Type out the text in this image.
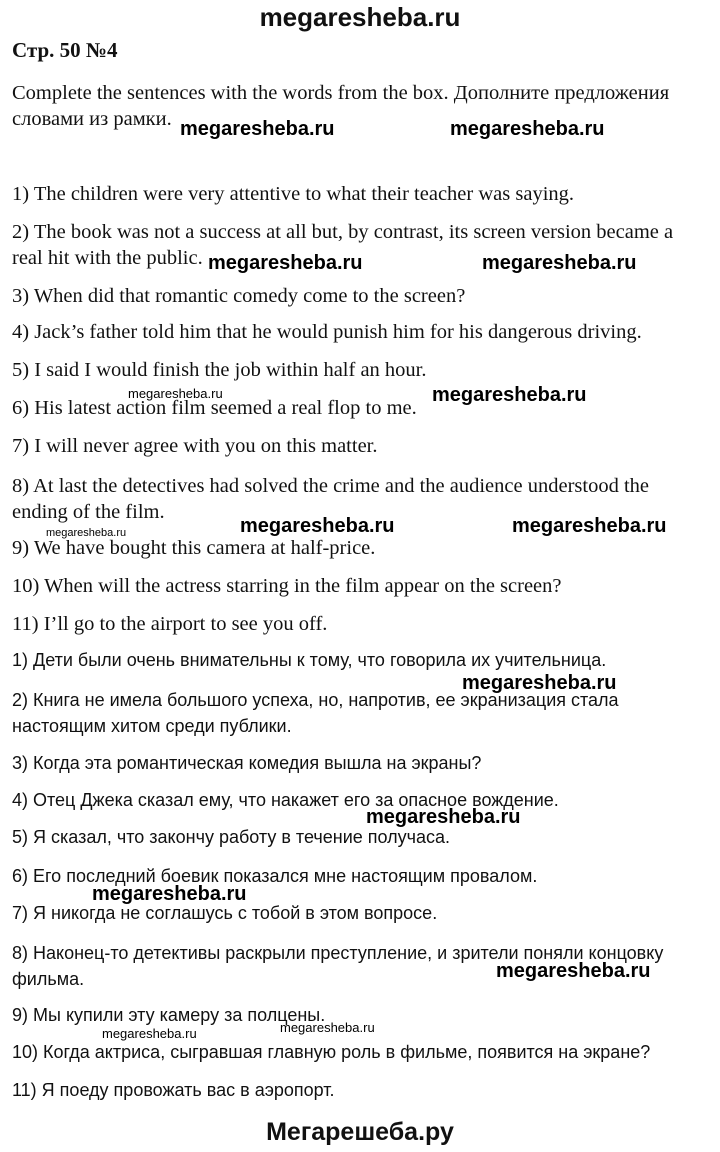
megaresheba.ru
Стр. 50 №4
Complete the sentences with the words from the box. Дополните предложения словами из рамки.
1) The children were very attentive to what their teacher was saying.
2) The book was not a success at all but, by contrast, its screen version became a real hit with the public.
3) When did that romantic comedy come to the screen?
4) Jack’s father told him that he would punish him for his dangerous driving.
5) I said I would finish the job within half an hour.
6) His latest action film seemed a real flop to me.
7) I will never agree with you on this matter.
8) At last the detectives had solved the crime and the audience understood the ending of the film.
9) We have bought this camera at half-price.
10) When will the actress starring in the film appear on the screen?
11) I’ll go to the airport to see you off.
1) Дети были очень внимательны к тому, что говорила их учительница.
2) Книга не имела большого успеха, но, напротив, ее экранизация стала настоящим хитом среди публики.
3) Когда эта романтическая комедия вышла на экраны?
4) Отец Джека сказал ему, что накажет его за опасное вождение.
5) Я сказал, что закончу работу в течение получаса.
6) Его последний боевик показался мне настоящим провалом.
7) Я никогда не соглашусь с тобой в этом вопросе.
8) Наконец-то детективы раскрыли преступление, и зрители поняли концовку фильма.
9) Мы купили эту камеру за полцены.
10) Когда актриса, сыгравшая главную роль в фильме, появится на экране?
11) Я поеду провожать вас в аэропорт.
megaresheba.ru	megaresheba.ru
megaresheba.ru	megaresheba.ru
megaresheba.ru	megaresheba.ru
megaresheba.ru	megaresheba.ru
megaresheba.ru
megaresheba.ru
megaresheba.ru
megaresheba.ru
megaresheba.ru
megaresheba.ru	megaresheba.ru
Мегарешеба.ру
